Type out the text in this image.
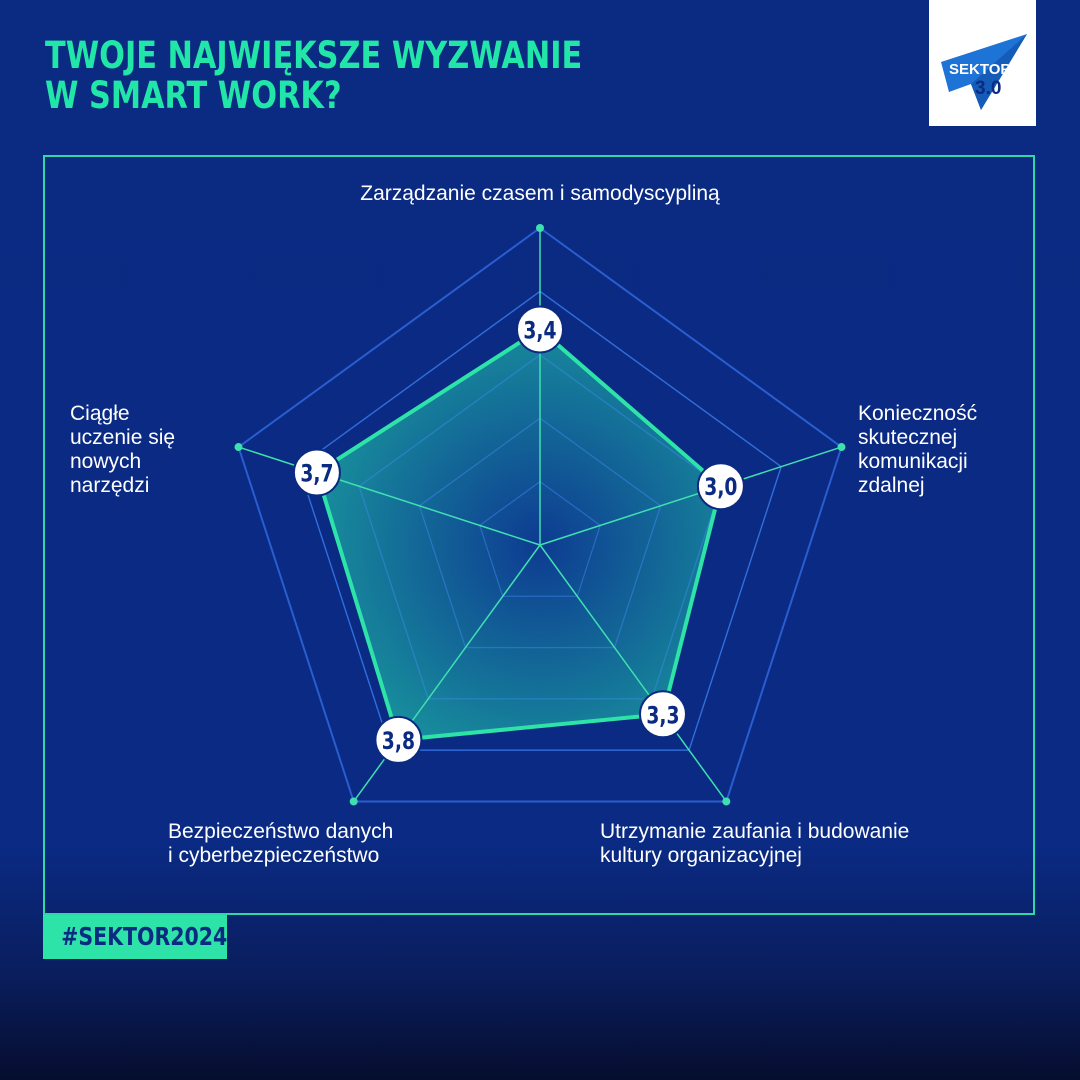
TWOJE NAJWIĘKSZE WYZWANIE
W SMART WORK?
SEKTOR
3.0
3,4
3,0
3,3
3,8
3,7
Zarządzanie czasem i samodyscypliną
Konieczność
skutecznej
komunikacji
zdalnej
Utrzymanie zaufania i budowanie
kultury organizacyjnej
Bezpieczeństwo danych
i cyberbezpieczeństwo
Ciągłe
uczenie się
nowych
narzędzi
#SEKTOR2024
